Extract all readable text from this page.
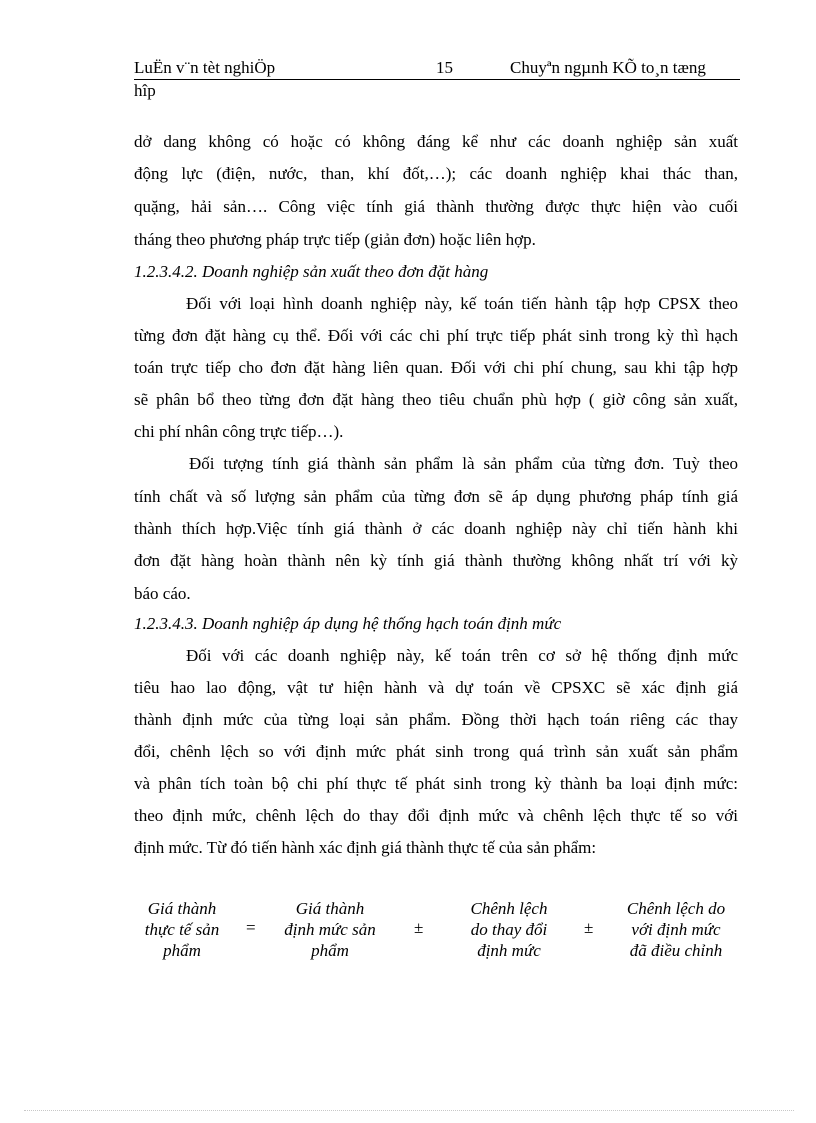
LuËn v¨n tèt nghiÖp	15	Chuyªn ngµnh KÕ to¸n tæng
hîp
dở dang không có hoặc có không đáng kể như các doanh nghiệp sản xuất
động lực (điện, nước, than, khí đốt,…); các doanh nghiệp khai thác than,
quặng, hải sản…. Công việc tính giá thành thường được thực hiện vào cuối
tháng theo phương pháp trực tiếp (giản đơn) hoặc liên hợp.
1.2.3.4.2. Doanh nghiệp sản xuất theo đơn đặt hàng
Đối với loại hình doanh nghiệp này, kế toán tiến hành tập hợp CPSX theo
từng đơn đặt hàng cụ thể. Đối với các chi phí trực tiếp phát sinh trong kỳ thì hạch
toán trực tiếp cho đơn đặt hàng liên quan. Đối với chi phí chung, sau khi tập hợp
sẽ phân bổ theo từng đơn đặt hàng theo tiêu chuẩn phù hợp ( giờ công sản xuất,
chi phí nhân công trực tiếp…).
Đối tượng tính giá thành sản phẩm là sản phẩm của từng đơn. Tuỳ theo
tính chất và số lượng sản phẩm của từng đơn sẽ áp dụng phương pháp tính giá
thành thích hợp.Việc tính giá thành ở các doanh nghiệp này chỉ tiến hành khi
đơn đặt hàng hoàn thành nên kỳ tính giá thành thường không nhất trí với kỳ
báo cáo.
1.2.3.4.3. Doanh nghiệp áp dụng hệ thống hạch toán định mức
Đối với các doanh nghiệp này, kế toán trên cơ sở hệ thống định mức
tiêu hao lao động, vật tư hiện hành và dự toán về CPSXC sẽ xác định giá
thành định mức của từng loại sản phẩm. Đồng thời hạch toán riêng các thay
đổi, chênh lệch so với định mức phát sinh trong quá trình sản xuất sản phẩm
và phân tích toàn bộ chi phí thực tế phát sinh trong kỳ thành ba loại định mức:
theo định mức, chênh lệch do thay đổi định mức và chênh lệch thực tế so với
định mức. Từ đó tiến hành xác định giá thành thực tế của sản phẩm:
Giá thành
thực tế sản
phẩm
=
Giá thành
định mức sản
phẩm
±
Chênh lệch
do thay đổi
định mức
±
Chênh lệch do
với định mức
đã điều chỉnh
